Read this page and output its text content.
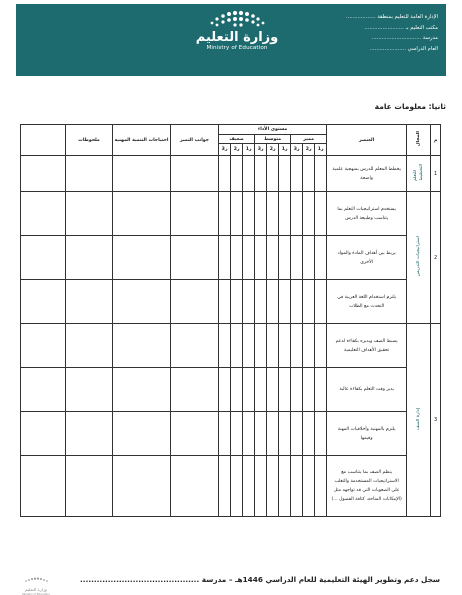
الإدارة العامة للتعليم بمنطقة ..................
مكتب التعليم بـ ........................
مدرسة ..............................
العام الدراسي ......................
وزارة التعليم
Ministry of Education
ثانيا: معلومات عامة
م	المجال	العنصر	مستوى الأداء									جوانب التميز	احتياجات التنمية المهنية	ملحوظات	
			مميز			متوسط			ضعيف						
			ز1	ز2	ز3	ز1	ز2	ز3	ز1	ز2	ز3				
1	التخطيط للتعلم	يخطط المعلم للدرس بمنهجية علمية واضحة													
2	استراتيجيات التدريس	يستخدم استراتيجيات التعلم بما يتناسب وطبيعة الدرس													
		يربط بين أهداف المادة والمواد الأخرى													
		يلتزم استخدام اللغة العربية في التحدث مع الطلاب													
3	إدارة الصف	يضبط الصف ويديره بكفاءة لدعم تحقيق الأهداف التعليمية													
		يدير وقت التعلم بكفاءة عالية													
		يلتزم بالمهنية وأخلاقيات المهنة وقيمها													
		ينظم الصف بما يتناسب مع الاستراتيجيات المستخدمة والتغلب على الصعوبات التي قد تواجهه مثل (الإمكانات المتاحة، كثافة الفصول ...)													
وزارة التعليم
Ministry of Education
سجل دعم وتطوير الهيئة التعليمية للعام الدراسي 1446هـ – مدرسة ...........................................
